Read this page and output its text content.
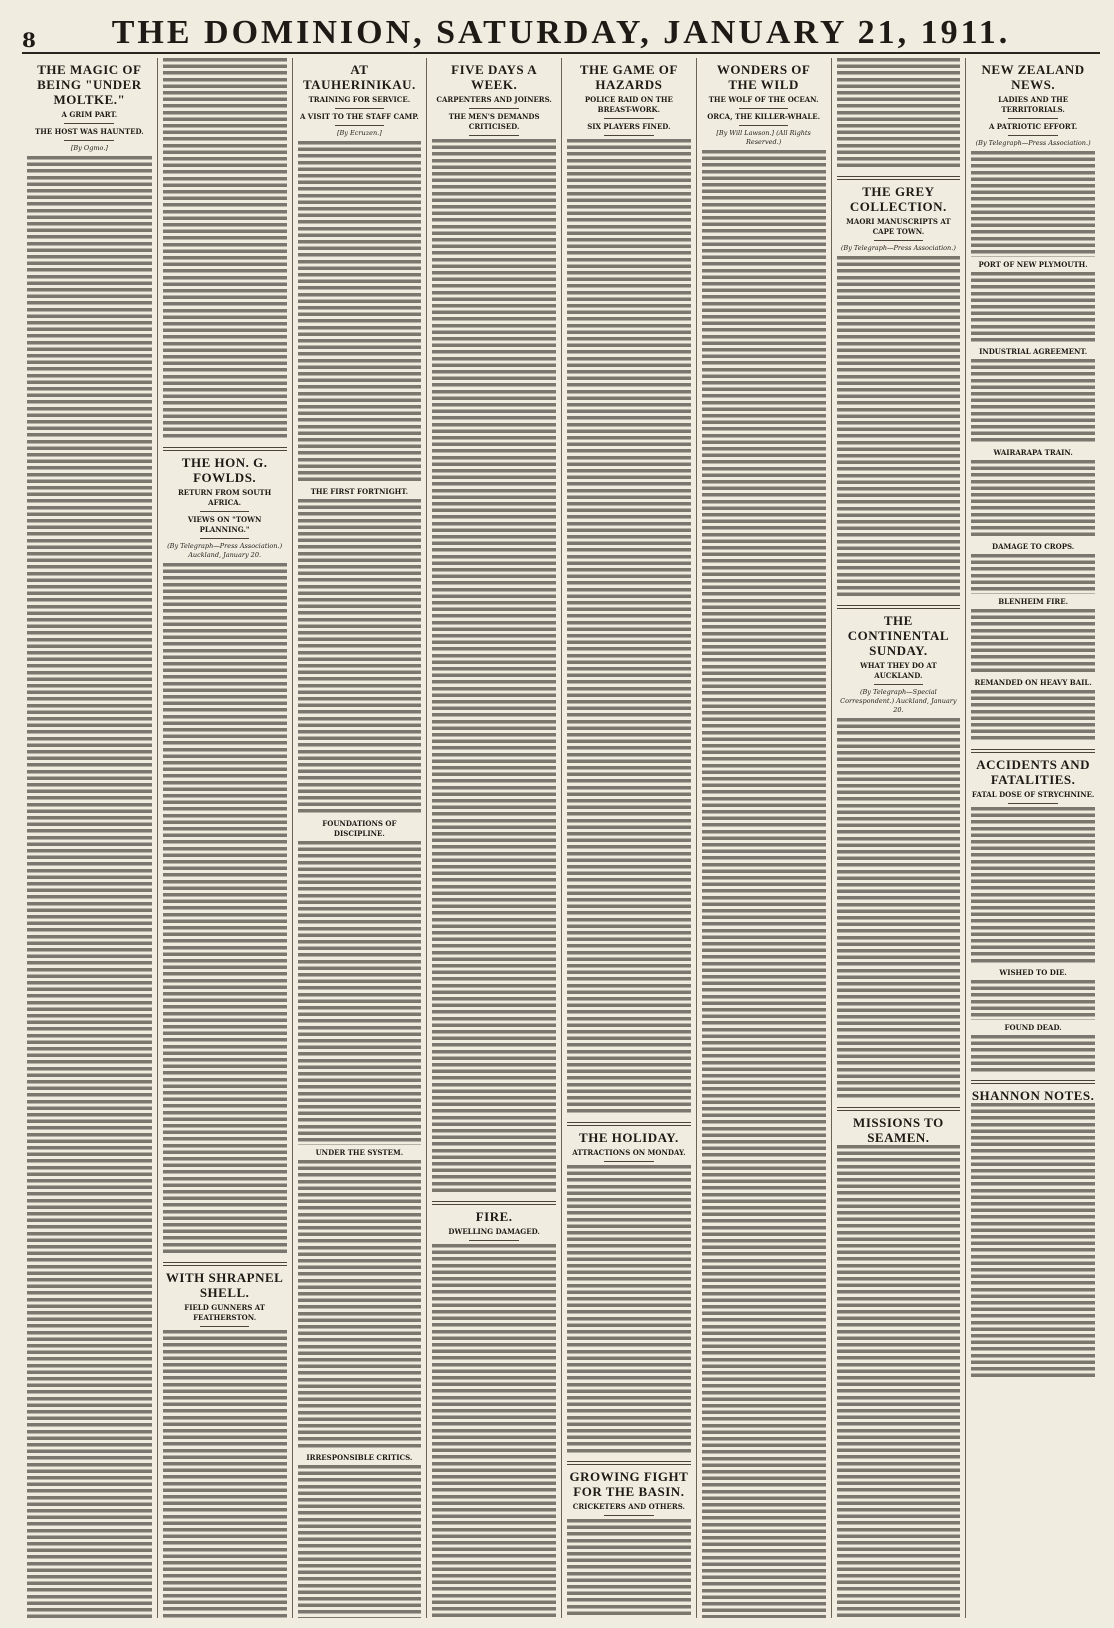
8	THE DOMINION, SATURDAY, JANUARY 21, 1911.
THE MAGIC OF BEING "UNDER MOLTKE."
A GRIM PART.
THE HOST WAS HAUNTED.
[By Ogmo.]
THE HON. G. FOWLDS.
RETURN FROM SOUTH AFRICA.
VIEWS ON "TOWN PLANNING."
(By Telegraph—Press Association.) Auckland, January 20.
WITH SHRAPNEL SHELL.
FIELD GUNNERS AT FEATHERSTON.
AT TAUHERINIKAU.
TRAINING FOR SERVICE.
A VISIT TO THE STAFF CAMP.
[By Ecruzen.]
THE FIRST FORTNIGHT.
FOUNDATIONS OF DISCIPLINE.
UNDER THE SYSTEM.
IRRESPONSIBLE CRITICS.
FIVE DAYS A WEEK.
CARPENTERS AND JOINERS.
THE MEN'S DEMANDS CRITICISED.
FIRE.
DWELLING DAMAGED.
THE GAME OF HAZARDS
POLICE RAID ON THE BREAST-WORK.
SIX PLAYERS FINED.
THE HOLIDAY.
ATTRACTIONS ON MONDAY.
GROWING FIGHT FOR THE BASIN.
CRICKETERS AND OTHERS.
WONDERS OF THE WILD
THE WOLF OF THE OCEAN.
ORCA, THE KILLER-WHALE.
[By Will Lawson.] (All Rights Reserved.)
THE GREY COLLECTION.
MAORI MANUSCRIPTS AT CAPE TOWN.
(By Telegraph—Press Association.)
THE CONTINENTAL SUNDAY.
WHAT THEY DO AT AUCKLAND.
(By Telegraph—Special Correspondent.) Auckland, January 20.
MISSIONS TO SEAMEN.
NEW ZEALAND NEWS.
LADIES AND THE TERRITORIALS.
A PATRIOTIC EFFORT.
(By Telegraph—Press Association.)
PORT OF NEW PLYMOUTH.
INDUSTRIAL AGREEMENT.
WAIRARAPA TRAIN.
DAMAGE TO CROPS.
BLENHEIM FIRE.
REMANDED ON HEAVY BAIL.
ACCIDENTS AND FATALITIES.
FATAL DOSE OF STRYCHNINE.
WISHED TO DIE.
FOUND DEAD.
SHANNON NOTES.
